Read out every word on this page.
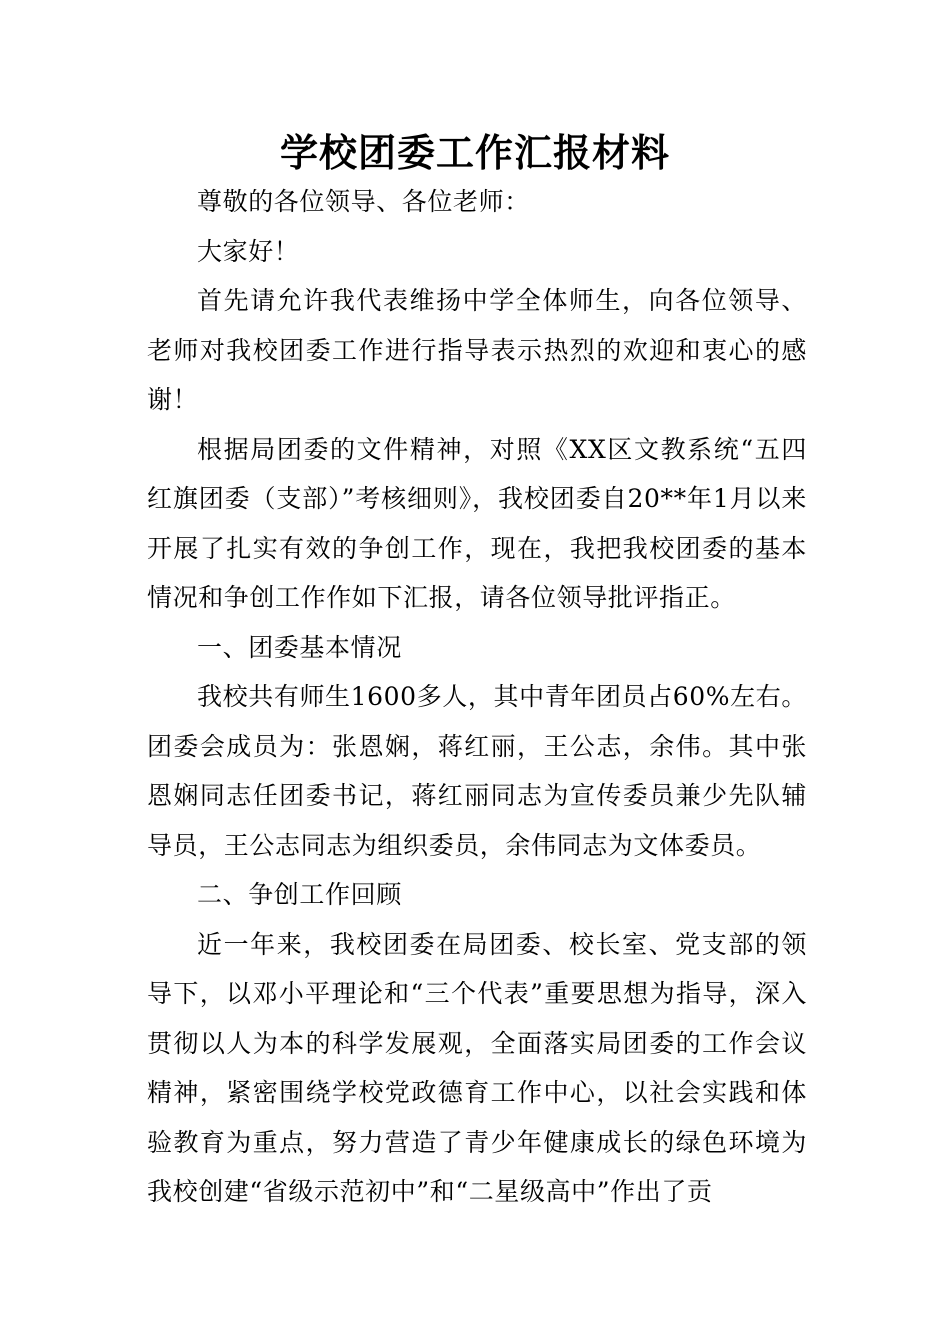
学校团委工作汇报材料

尊敬的各位领导、各位老师：

大家好！

首先请允许我代表维扬中学全体师生，向各位领导、老师对我校团委工作进行指导表示热烈的欢迎和衷心的感谢！

根据局团委的文件精神，对照《XX区文教系统“五四红旗团委（支部）”考核细则》，我校团委自20**年1月以来开展了扎实有效的争创工作，现在，我把我校团委的基本情况和争创工作作如下汇报，请各位领导批评指正。

一、团委基本情况

我校共有师生1600多人，其中青年团员占60%左右。团委会成员为：张恩娴，蒋红丽，王公志，余伟。其中张恩娴同志任团委书记，蒋红丽同志为宣传委员兼少先队辅导员，王公志同志为组织委员，余伟同志为文体委员。

二、争创工作回顾

近一年来，我校团委在局团委、校长室、党支部的领导下，以邓小平理论和“三个代表”重要思想为指导，深入贯彻以人为本的科学发展观，全面落实局团委的工作会议精神，紧密围绕学校党政德育工作中心，以社会实践和体验教育为重点，努力营造了青少年健康成长的绿色环境为我校创建“省级示范初中”和“二星级高中”作出了贡
